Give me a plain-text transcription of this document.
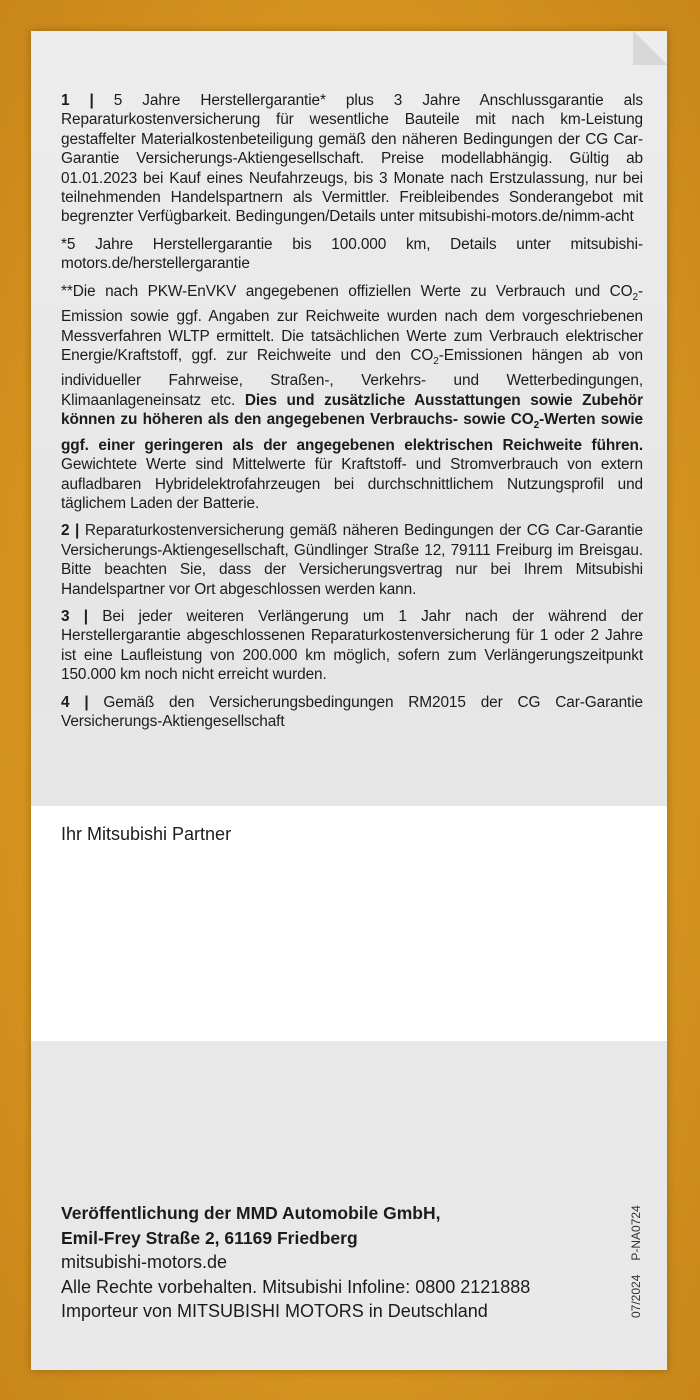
1 | 5 Jahre Herstellergarantie* plus 3 Jahre Anschlussgarantie als Reparaturkostenversicherung für wesentliche Bauteile mit nach km-Leistung gestaffelter Materialkostenbeteiligung gemäß den näheren Bedingungen der CG Car-Garantie Versicherungs-Aktiengesellschaft. Preise modellabhängig. Gültig ab 01.01.2023 bei Kauf eines Neufahrzeugs, bis 3 Monate nach Erstzulassung, nur bei teilnehmenden Handelspartnern als Vermittler. Freibleibendes Sonderangebot mit begrenzter Verfügbarkeit. Bedingungen/Details unter mitsubishi-motors.de/nimm-acht

*5 Jahre Herstellergarantie bis 100.000 km, Details unter mitsubishi-motors.de/herstellergarantie

**Die nach PKW-EnVKV angegebenen offiziellen Werte zu Verbrauch und $CO_2$-Emission sowie ggf. Angaben zur Reichweite wurden nach dem vorgeschriebenen Messverfahren WLTP ermittelt. Die tatsächlichen Werte zum Verbrauch elektrischer Energie/Kraftstoff, ggf. zur Reichweite und den $CO_2$-Emissionen hängen ab von individueller Fahrweise, Straßen-, Verkehrs- und Wetterbedingungen, Klimaanlageneinsatz etc. Dies und zusätzliche Ausstattungen sowie Zubehör können zu höheren als den angegebenen Verbrauchs- sowie $CO_2$-Werten sowie ggf. einer geringeren als der angegebenen elektrischen Reichweite führen. Gewichtete Werte sind Mittelwerte für Kraftstoff- und Stromverbrauch von extern aufladbaren Hybridelektrofahrzeugen bei durchschnittlichem Nutzungsprofil und täglichem Laden der Batterie.

2 | Reparaturkostenversicherung gemäß näheren Bedingungen der CG Car-Garantie Versicherungs-Aktiengesellschaft, Gündlinger Straße 12, 79111 Freiburg im Breisgau. Bitte beachten Sie, dass der Versicherungsvertrag nur bei Ihrem Mitsubishi Handelspartner vor Ort abgeschlossen werden kann.

3 | Bei jeder weiteren Verlängerung um 1 Jahr nach der während der Herstellergarantie abgeschlossenen Reparaturkostenversicherung für 1 oder 2 Jahre ist eine Laufleistung von 200.000 km möglich, sofern zum Verlängerungszeitpunkt 150.000 km noch nicht erreicht wurden.

4 | Gemäß den Versicherungsbedingungen RM2015 der CG Car-Garantie Versicherungs-Aktiengesellschaft

Ihr Mitsubishi Partner
Veröffentlichung der MMD Automobile GmbH,
Emil-Frey Straße 2, 61169 Friedberg
mitsubishi-motors.de
Alle Rechte vorbehalten. Mitsubishi Infoline: 0800 2121888
Importeur von MITSUBISHI MOTORS in Deutschland	07/2024P-NA0724
